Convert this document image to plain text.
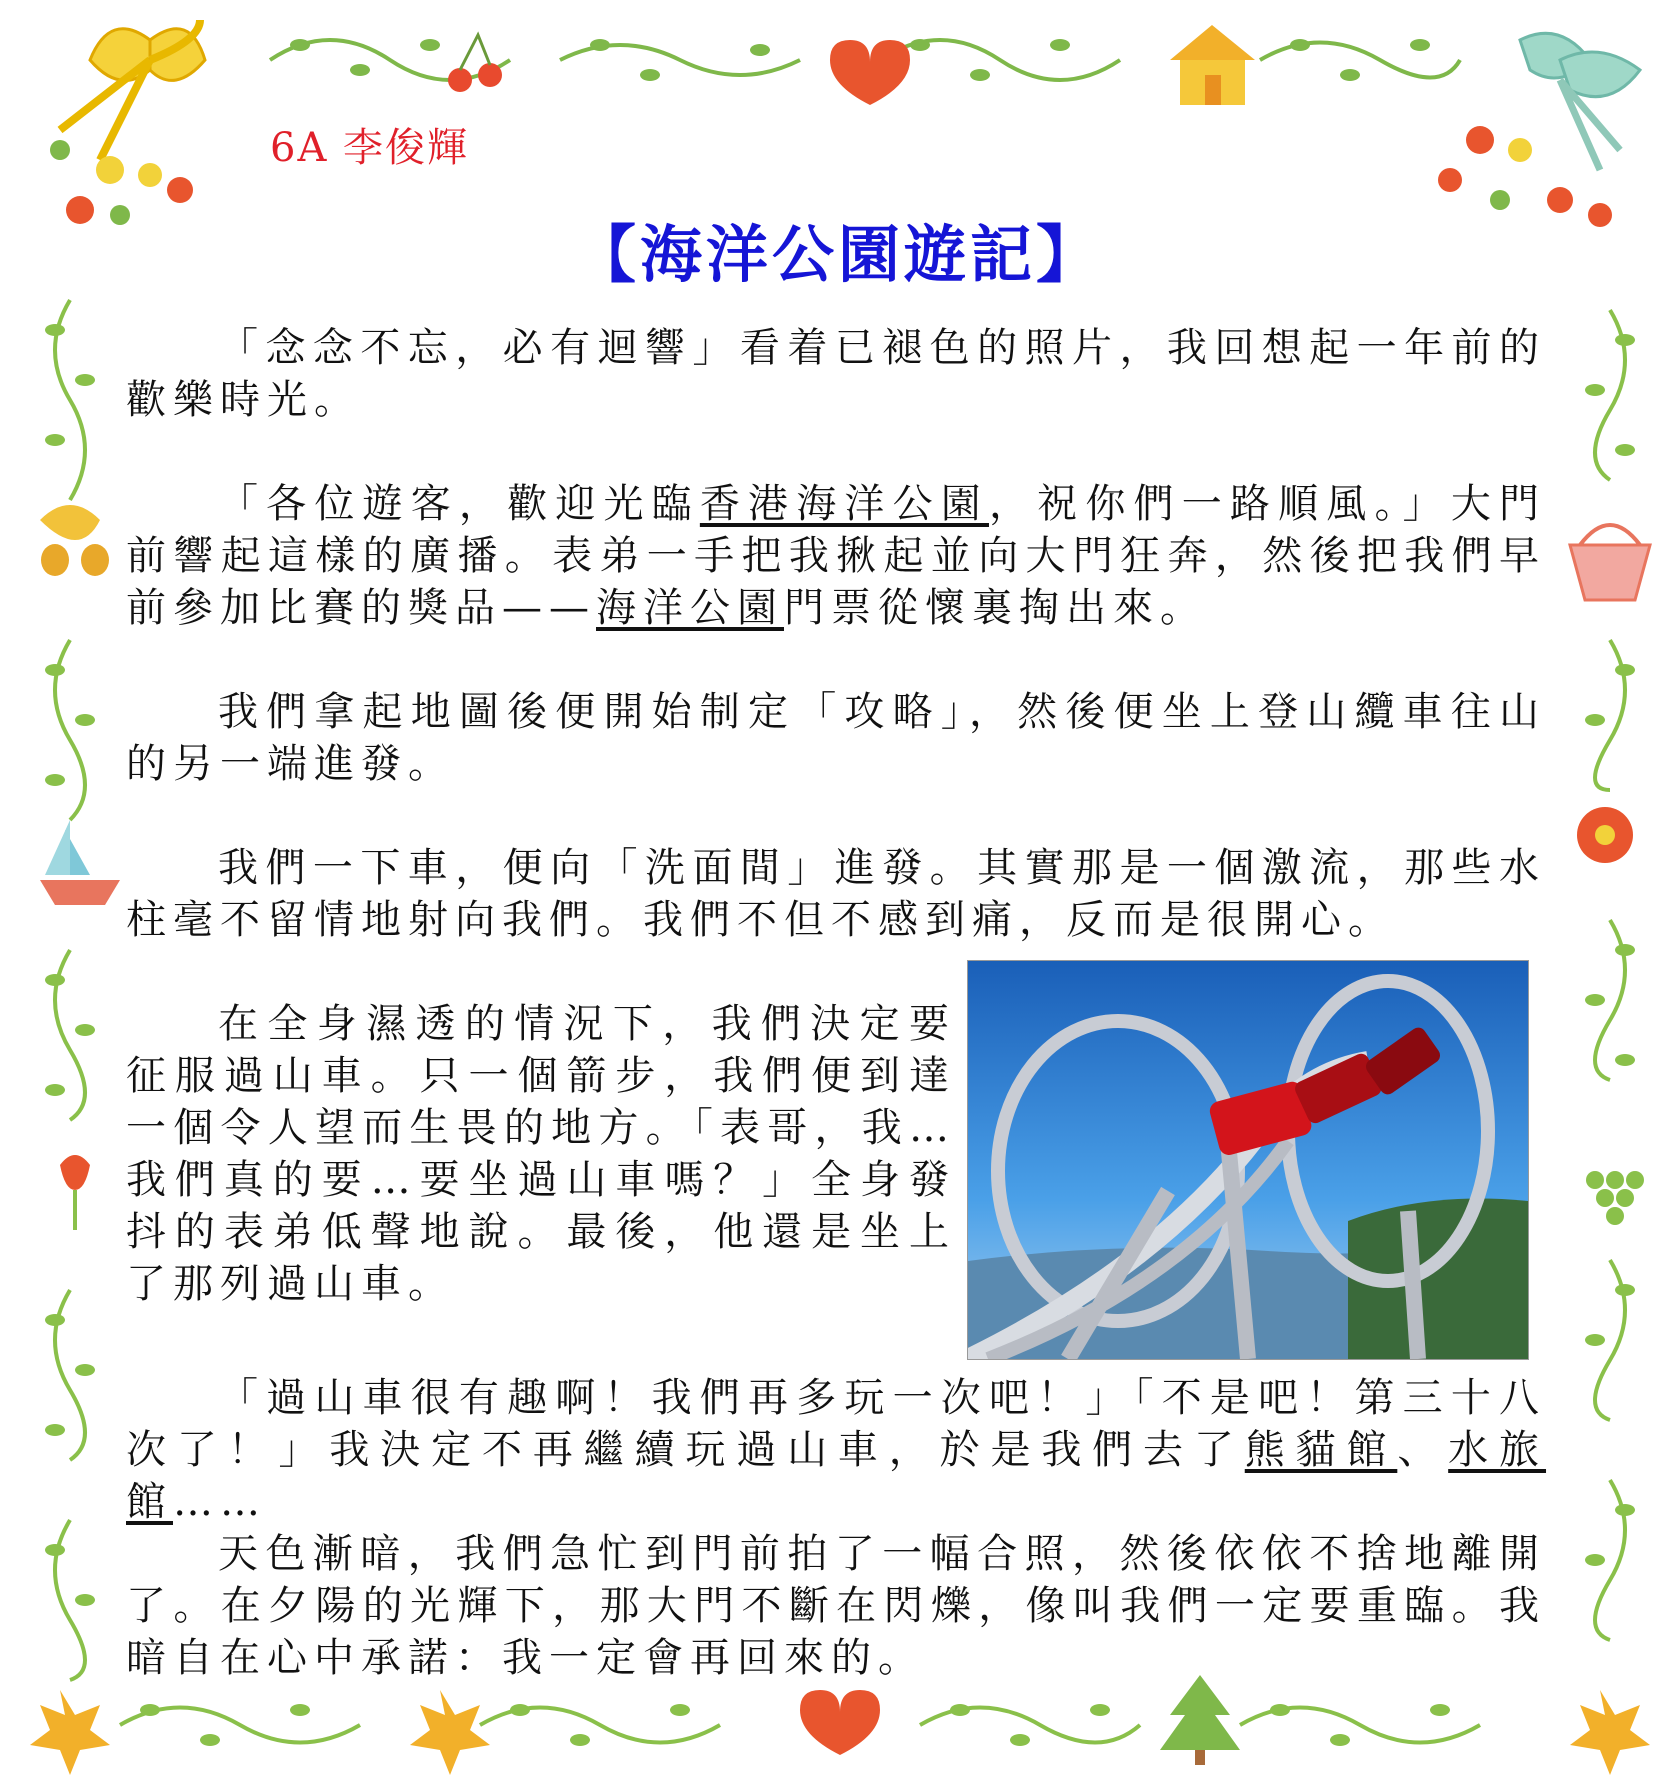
6A 李俊輝
【海洋公園遊記】
「念念不忘，必有迴響」看着已褪色的照片，我回想起一年前的歡樂時光。
「各位遊客，歡迎光臨香港海洋公園，祝你們一路順風。」大門前響起這樣的廣播。表弟一手把我揪起並向大門狂奔，然後把我們早前參加比賽的獎品——海洋公園門票從懷裏掏出來。
我們拿起地圖後便開始制定「攻略」，然後便坐上登山纜車往山的另一端進發。
我們一下車，便向「洗面間」進發。其實那是一個激流，那些水柱毫不留情地射向我們。我們不但不感到痛，反而是很開心。
在全身濕透的情況下，我們決定要征服過山車。只一個箭步，我們便到達一個令人望而生畏的地方。「表哥，我…我們真的要…要坐過山車嗎？」全身發抖的表弟低聲地說。最後，他還是坐上了那列過山車。
「過山車很有趣啊！我們再多玩一次吧！」「不是吧！第三十八次了！」我決定不再繼續玩過山車，於是我們去了熊貓館、水旅館……
天色漸暗，我們急忙到門前拍了一幅合照，然後依依不捨地離開了。在夕陽的光輝下，那大門不斷在閃爍，像叫我們一定要重臨。我暗自在心中承諾：我一定會再回來的。
